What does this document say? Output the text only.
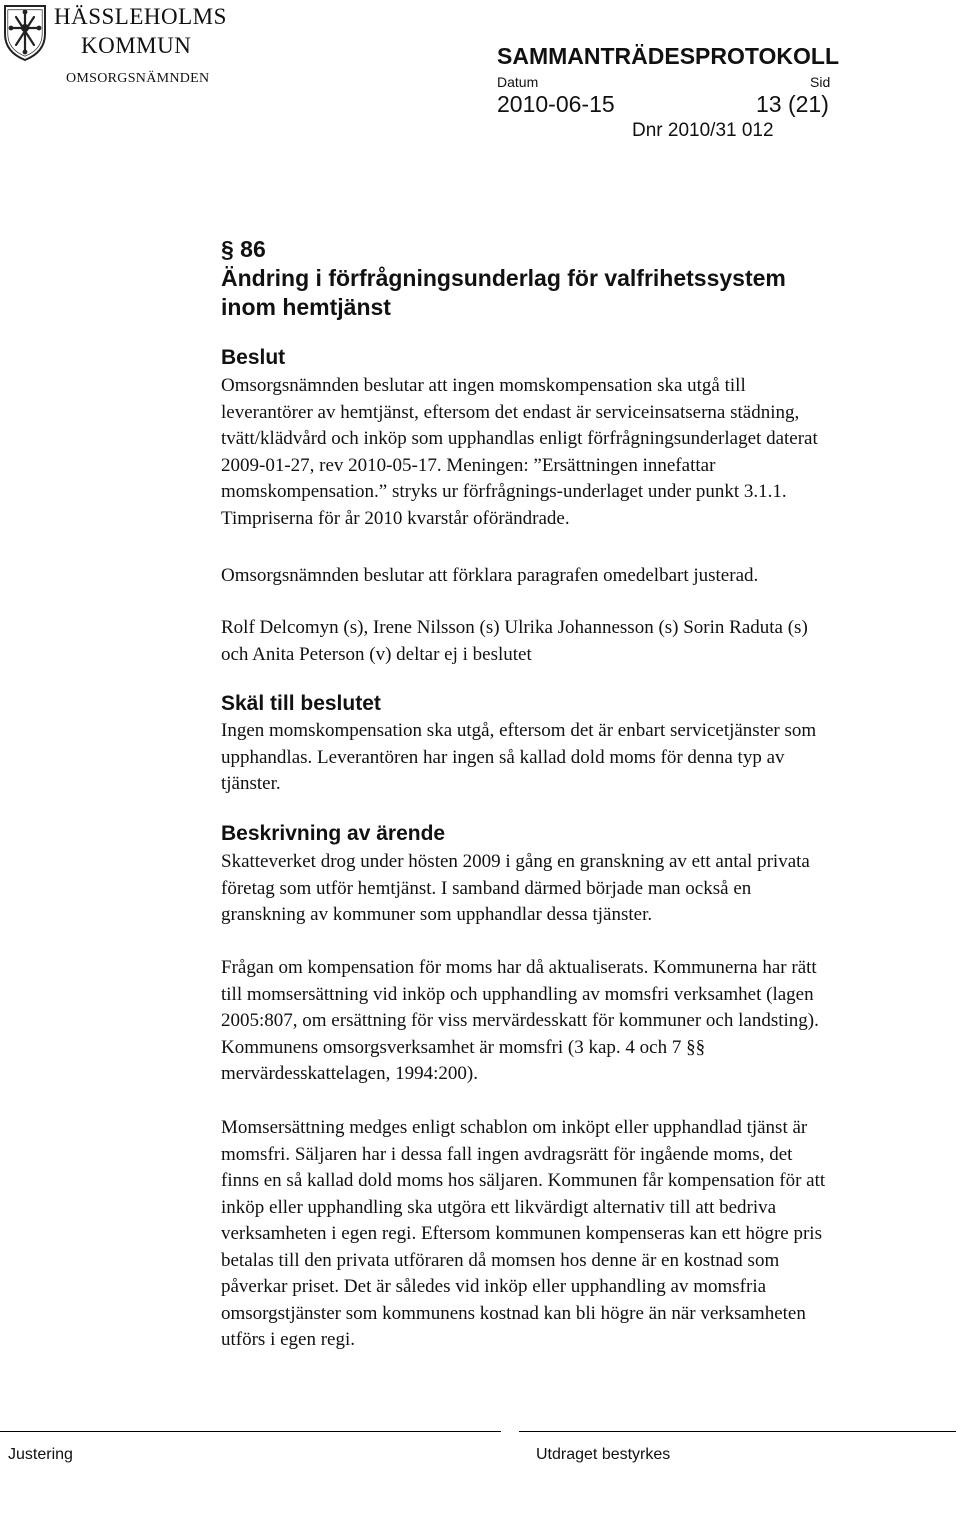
HÄSSLEHOLMS
KOMMUN
OMSORGSNÄMNDEN
SAMMANTRÄDESPROTOKOLL
Datum	Sid
2010-06-15	13 (21)
Dnr 2010/31 012
§ 86
Ändring i förfrågningsunderlag för valfrihetssystem
inom hemtjänst
Beslut
Omsorgsnämnden beslutar att ingen momskompensation ska utgå till
leverantörer av hemtjänst, eftersom det endast är serviceinsatserna städning,
tvätt/klädvård och inköp som upphandlas enligt förfrågningsunderlaget daterat
2009-01-27, rev 2010-05-17. Meningen: ”Ersättningen innefattar
momskompensation.” stryks ur förfrågnings-underlaget under punkt 3.1.1.
Timpriserna för år 2010 kvarstår oförändrade.
Omsorgsnämnden beslutar att förklara paragrafen omedelbart justerad.
Rolf Delcomyn (s), Irene Nilsson (s) Ulrika Johannesson (s) Sorin Raduta (s)
och Anita Peterson (v) deltar ej i beslutet
Skäl till beslutet
Ingen momskompensation ska utgå, eftersom det är enbart servicetjänster som
upphandlas. Leverantören har ingen så kallad dold moms för denna typ av
tjänster.
Beskrivning av ärende
Skatteverket drog under hösten 2009 i gång en granskning av ett antal privata
företag som utför hemtjänst. I samband därmed började man också en
granskning av kommuner som upphandlar dessa tjänster.
Frågan om kompensation för moms har då aktualiserats. Kommunerna har rätt
till momsersättning vid inköp och upphandling av momsfri verksamhet (lagen
2005:807, om ersättning för viss mervärdesskatt för kommuner och landsting).
Kommunens omsorgsverksamhet är momsfri (3 kap. 4 och 7 §§
mervärdesskattelagen, 1994:200).
Momsersättning medges enligt schablon om inköpt eller upphandlad tjänst är
momsfri. Säljaren har i dessa fall ingen avdragsrätt för ingående moms, det
finns en så kallad dold moms hos säljaren. Kommunen får kompensation för att
inköp eller upphandling ska utgöra ett likvärdigt alternativ till att bedriva
verksamheten i egen regi. Eftersom kommunen kompenseras kan ett högre pris
betalas till den privata utföraren då momsen hos denne är en kostnad som
påverkar priset. Det är således vid inköp eller upphandling av momsfria
omsorgstjänster som kommunens kostnad kan bli högre än när verksamheten
utförs i egen regi.
Justering	Utdraget bestyrkes
